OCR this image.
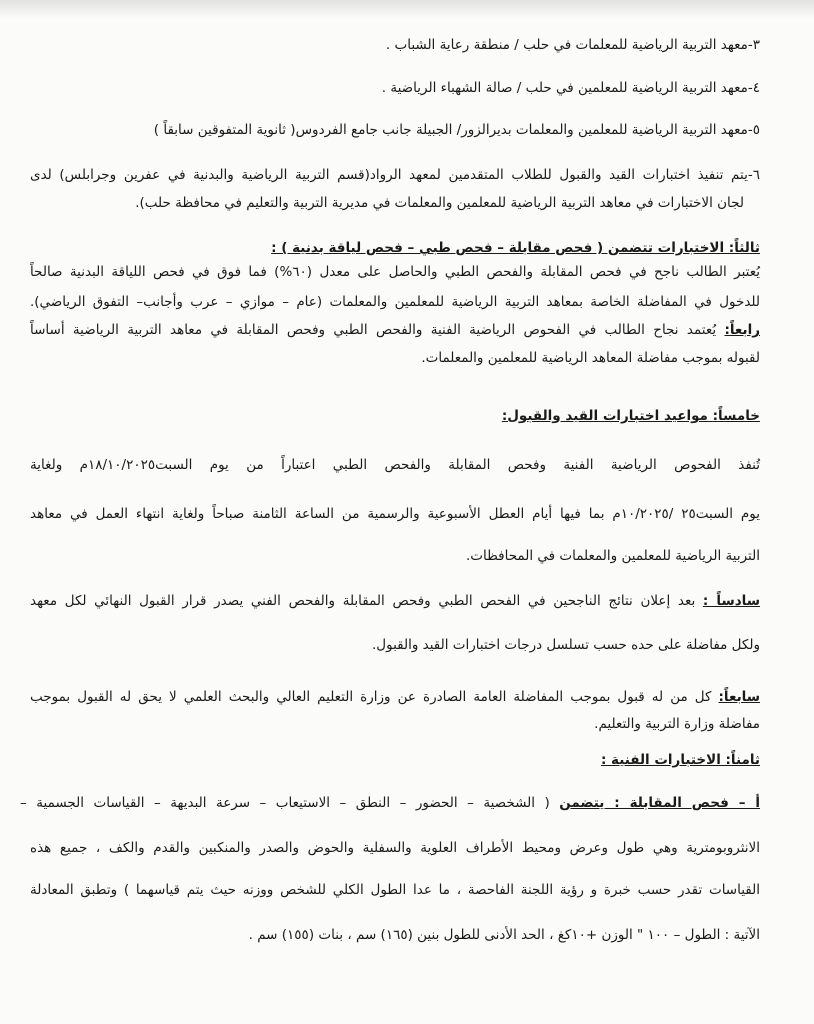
٣-معهد التربية الرياضية للمعلمات في حلب / منطقة رعاية الشباب .
٤-معهد التربية الرياضية للمعلمين في حلب / صالة الشهباء الرياضية .
٥-معهد التربية الرياضية للمعلمين والمعلمات بديرالزور/ الجبيلة جانب جامع الفردوس( ثانوية المتفوقين سابقاً )
٦-يتم تنفيذ اختبارات القيد والقبول للطلاب المتقدمين لمعهد الرواد(قسم التربية الرياضية والبدنية في عفرين وجرابلس) لدى
لجان الاختبارات في معاهد التربية الرياضية للمعلمين والمعلمات في مديرية التربية والتعليم في محافظة حلب).
ثالثاً: الاختبارات تتضمن ( فحص مقابلة – فحص طبي – فحص لياقة بدنية ) :
يُعتبر الطالب ناجح في فحص المقابلة والفحص الطبي والحاصل على معدل (٦٠%) فما فوق في فحص اللياقة البدنية صالحاً
للدخول في المفاضلة الخاصة بمعاهد التربية الرياضية للمعلمين والمعلمات (عام – موازي – عرب وأجانب– التفوق الرياضي).
رابعاً: يُعتمد نجاح الطالب في الفحوص الرياضية الفنية والفحص الطبي وفحص المقابلة في معاهد التربية الرياضية أساساً
لقبوله بموجب مفاضلة المعاهد الرياضية للمعلمين والمعلمات.
خامساً: مواعيد اختبارات القيد والقبول:
تُنفذ الفحوص الرياضية الفنية وفحص المقابلة والفحص الطبي اعتباراً من يوم السبت١٨/١٠/٢٠٢٥م ولغاية
يوم السبت٢٥ /١٠/٢٠٢٥م بما فيها أيام العطل الأسبوعية والرسمية من الساعة الثامنة صباحاً ولغاية انتهاء العمل في معاهد
التربية الرياضية للمعلمين والمعلمات في المحافظات.
سادساً : بعد إعلان نتائج الناجحين في الفحص الطبي وفحص المقابلة والفحص الفني يصدر قرار القبول النهائي لكل معهد
ولكل مفاضلة على حده حسب تسلسل درجات اختبارات القيد والقبول.
سابعاً: كل من له قبول بموجب المفاضلة العامة الصادرة عن وزارة التعليم العالي والبحث العلمي لا يحق له القبول بموجب
مفاضلة وزارة التربية والتعليم.
ثامناً: الاختبارات الفنية :
أ – فحص المقابلة : يتضمن ( الشخصية – الحضور – النطق – الاستيعاب – سرعة البديهة – القياسات الجسمية –
الانثروبومترية وهي طول وعرض ومحيط الأطراف العلوية والسفلية والحوض والصدر والمنكبين والقدم والكف ، جميع هذه
القياسات تقدر حسب خبرة و رؤية اللجنة الفاحصة ، ما عدا الطول الكلي للشخص ووزنه حيث يتم قياسهما ) وتطبق المعادلة
الآتية : الطول – ١٠٠ " الوزن +١٠كغ ، الحد الأدنى للطول بنين (١٦٥) سم ، بنات (١٥٥) سم .
